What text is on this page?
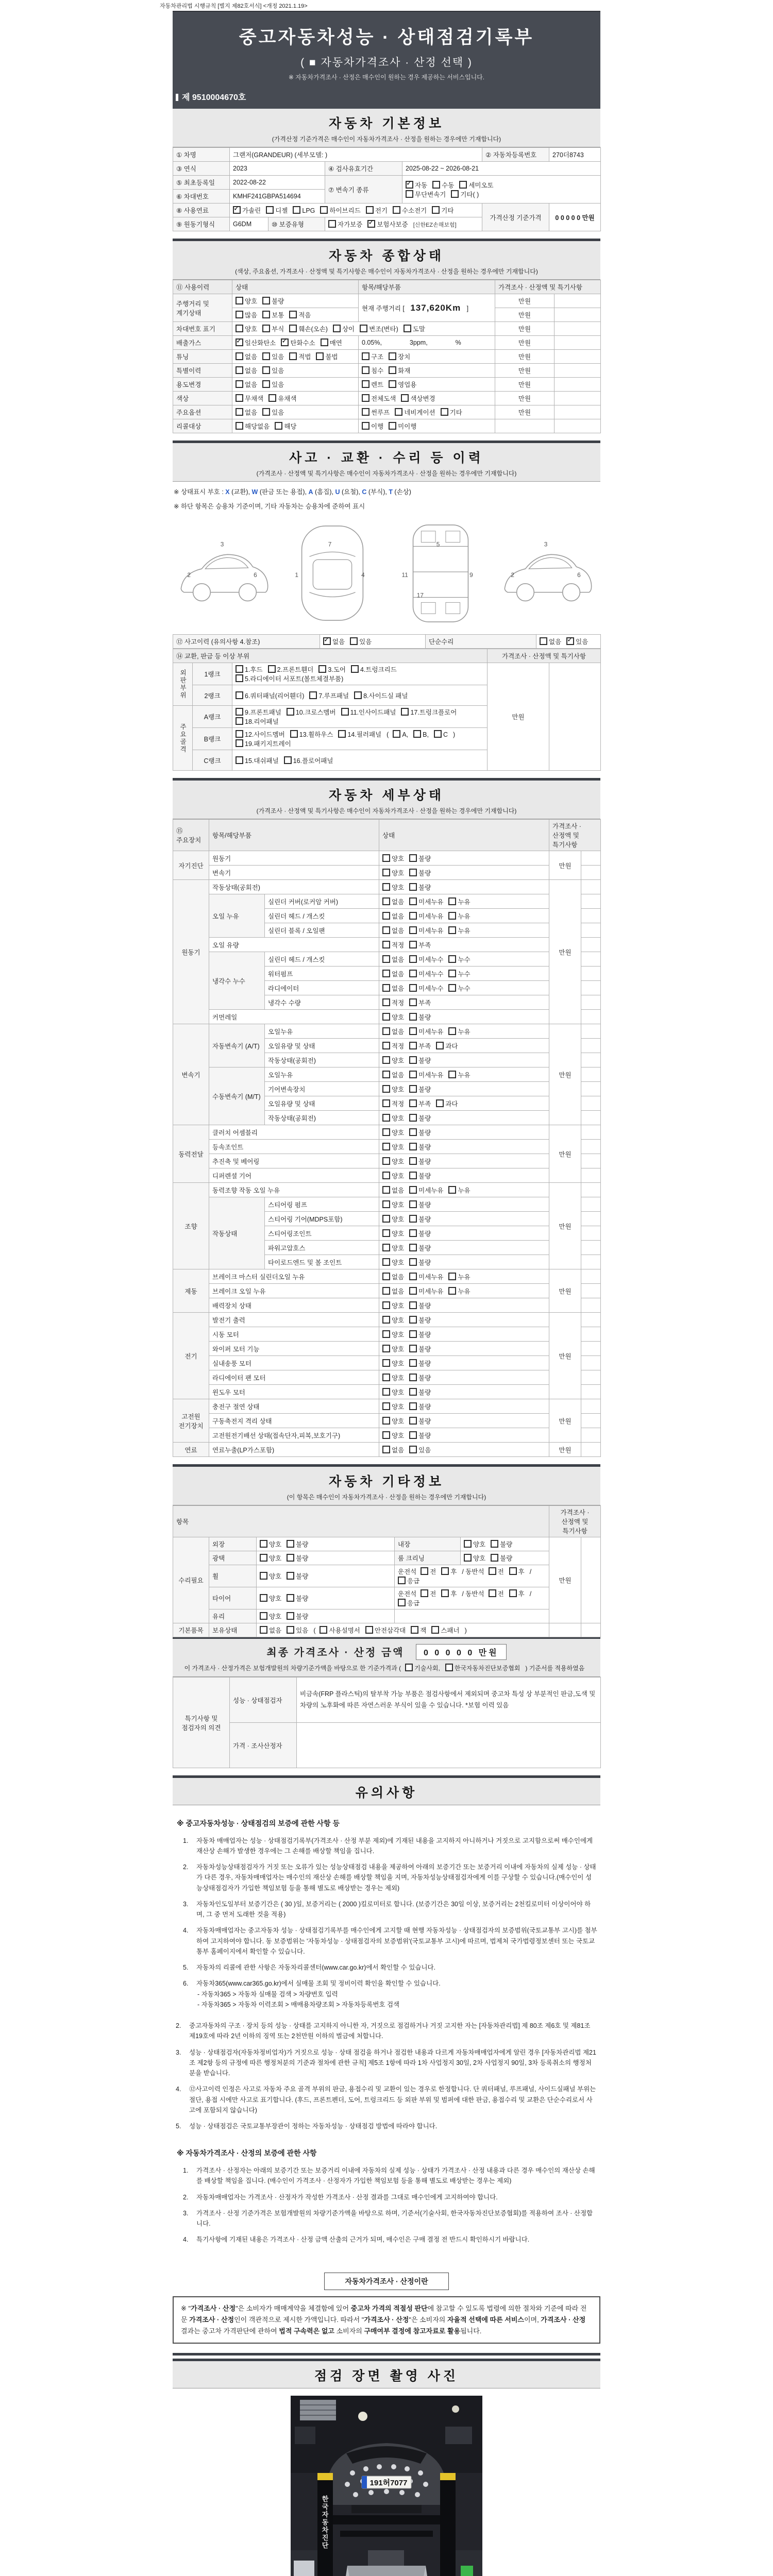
자동차관리법 시행규칙 [별지 제82호서식] <개정 2021.1.19>
중고자동차성능 · 상태점검기록부
( ■ 자동차가격조사 · 산정 선택 )
※ 자동차가격조사 · 산정은 매수인이 원하는 경우 제공하는 서비스입니다.
제 9510004670호
자동차 기본정보
(가격산정 기준가격은 매수인이 자동차가격조사 · 산정을 원하는 경우에만 기재합니다)
① 차명	그랜저(GRANDEUR) (세부모델: )				② 자동차등록번호	270더8743
③ 연식	2023		④ 검사유효기간	2025-08-22 ~ 2026-08-21		
⑤ 최초등록일	2022-08-22		⑦ 변속기 종류	✓자동 수동 세미오토
무단변속기 기타( )
⑥ 차대번호	KMHF241GBPA514694					
⑧ 사용연료	✓가솔린 디젤 LPG 하이브리드 전기 수소전기 기타				가격산정 기준가격	0 0 0 0 0 만원
⑨ 원동기형식	G6DM	⑩ 보증유형	자가보증 ✓ 보험사보증 [신한EZ손해보험]
자동차 종합상태
(색상, 주요옵션, 가격조사 · 산정액 및 특기사항은 매수인이 자동차가격조사 · 산정을 원하는 경우에만 기재합니다)
⑪ 사용이력	상태	항목/해당부품	가격조사 · 산정액 및 특기사항	
주행거리 및 계기상태	양호 불량	현재 주행거리 [ 137,620Km ]	만원	
	많음 보통 적음		만원	
차대번호 표기	양호 부식 훼손(오손) 상이 변조(변타) 도말		만원	
배출가스	✓일산화탄소 ✓ 탄화수소 매연	0.05%, 3ppm, %	만원	
튜닝	없음 있음 적법 불법	구조 장치	만원	
특별이력	없음 있음	침수 화재	만원	
용도변경	없음 있음	렌트 영업용	만원	
색상	무채색 유채색	전체도색 색상변경	만원	
주요옵션	없음 있음	썬루프 네비게이션 기타	만원	
리콜대상	해당없음 해당	이행 미이행		
사고 · 교환 · 수리 등 이력
(가격조사 · 산정액 및 특기사항은 매수인이 자동차가격조사 · 산정을 원하는 경우에만 기재합니다)
※ 상태표시 부호 : X (교환), W (판금 또는 용접), A (흠집), U (요철), C (부식), T (손상)
※ 하단 항목은 승용차 기준이며, 기타 자동차는 승용차에 준하여 표시
2
3
6	1
7
4	11
5
9
17
2
3
6
⑫ 사고이력 (유의사항 4.참조)	✓없음 있음	단순수리	없음 ✓ 있음
⑭ 교환, 판금 등 이상 부위			가격조사 · 산정액 및 특기사항	
외판부위	1랭크	1.후드 2.프론트휀더 3.도어 4.트렁크리드
5.라디에이터 서포트(볼트체결부품)	만원	
	2랭크	6.쿼터패널(리어휀더) 7.루프패널 8.사이드실 패널		
주요골격	A랭크	9.프론트패널 10.크로스멤버 11.인사이드패널 17.트렁크플로어
18.리어패널		
	B랭크	12.사이드멤버 13.휠하우스 14.필러패널 ( A, B, C )
19.패키지트레이		
	C랭크	15.대쉬패널 16.플로어패널		
자동차 세부상태
(가격조사 · 산정액 및 특기사항은 매수인이 자동차가격조사 · 산정을 원하는 경우에만 기재합니다)
⑮ 주요장치	항목/해당부품		상태	가격조사 · 산정액 및 특기사항	
자기진단	원동기		양호 불량	만원	
	변속기		양호 불량		
원동기	작동상태(공회전)		양호 불량	만원	
	오일 누유	실린더 커버(로커암 커버)	없음 미세누유 누유		
		실린더 헤드 / 개스킷	없음 미세누유 누유		
		실린더 블록 / 오일팬	없음 미세누유 누유		
	오일 유량		적정 부족		
	냉각수 누수	실린더 헤드 / 개스킷	없음 미세누수 누수		
		워터펌프	없음 미세누수 누수		
		라디에이터	없음 미세누수 누수		
		냉각수 수량	적정 부족		
	커먼레일		양호 불량		
변속기	자동변속기 (A/T)	오일누유	없음 미세누유 누유	만원	
		오일유량 및 상태	적정 부족 과다		
		작동상태(공회전)	양호 불량		
	수동변속기 (M/T)	오일누유	없음 미세누유 누유		
		기어변속장치	양호 불량		
		오일유량 및 상태	적정 부족 과다		
		작동상태(공회전)	양호 불량		
동력전달	클러치 어셈블리		양호 불량	만원	
	등속조인트		양호 불량		
	추진축 및 베어링		양호 불량		
	디퍼렌셜 기어		양호 불량		
조향	동력조향 작동 오일 누유		없음 미세누유 누유	만원	
	작동상태	스티어링 펌프	양호 불량		
		스티어링 기어(MDPS포함)	양호 불량		
		스티어링조인트	양호 불량		
		파워고압호스	양호 불량		
		타이로드엔드 및 볼 조인트	양호 불량		
제동	브레이크 마스터 실린더오일 누유		없음 미세누유 누유	만원	
	브레이크 오일 누유		없음 미세누유 누유		
	배력장치 상태		양호 불량		
전기	발전기 출력		양호 불량	만원	
	시동 모터		양호 불량		
	와이퍼 모터 기능		양호 불량		
	실내송풍 모터		양호 불량		
	라디에이터 팬 모터		양호 불량		
	윈도우 모터		양호 불량		
고전원 전기장치	충전구 절연 상태		양호 불량	만원	
	구동축전지 격리 상태		양호 불량		
	고전원전기배선 상태(접속단자,피복,보호기구)		양호 불량		
연료	연료누출(LP가스포함)		없음 있음	만원	
자동차 기타정보
(이 항목은 매수인이 자동차가격조사 · 산정을 원하는 경우에만 기재합니다)
항목					가격조사 · 산정액 및 특기사항	
수리필요	외장	양호 불량	내장	양호 불량	만원	
	광택	양호 불량	룸 크리닝	양호 불량		
	휠	양호 불량	운전석 전 후 / 동반석 전 후 /응급			
	타이어	양호 불량	운전석 전 후 / 동반석 전 후 /응급			
	유리	양호 불량				
기본품목	보유상태	없음 있음 ( 사용설명서 안전삼각대 잭 스패너 )				
최종 가격조사 · 산정 금액 0 0 0 0 0 만원
이 가격조사 · 산정가격은 보험개발원의 차량기준가액을 바탕으로 한 기준가격과 ( 기술사회, 한국자동차진단보증협회 ) 기준서를 적용하였음
특기사항 및 점검자의 의견	성능 · 상태점검자	비금속(FRP 플라스틱)의 탈부착 가능 부품은 점검사항에서 제외되며 중고차 특성 상 부분적인 판금,도색 및 차량의 노후화에 따른 자연스러운 부식이 있을 수 있습니다. *보험 이력 있음
	가격 · 조사산정자	
유의사항
※ 중고자동차성능 · 상태점검의 보증에 관한 사항 등
1.	자동차 매매업자는 성능 · 상태점검기록부(가격조사 · 산정 부분 제외)에 기재된 내용을 고지하지 아니하거나 거짓으로 고지함으로써 매수인에게 재산상 손해가 발생한 경우에는 그 손해를 배상할 책임을 집니다.
2.	자동차성능상태점검자가 거짓 또는 오류가 있는 성능상태점검 내용을 제공하여 아래의 보증기간 또는 보증거리 이내에 자동차의 실제 성능 · 상태가 다른 경우, 자동차매매업자는 매수인의 재산상 손해를 배상할 책임을 지며, 자동차성능상태점검자에게 이를 구상할 수 있습니다.(매수인이 성능상태점검자가 가입한 책임보험 등을 통해 별도로 배상받는 경우는 제외)
3.	자동차인도일부터 보증기간은 ( 30 )일, 보증거리는 ( 2000 )킬로미터로 합니다. (보증기간은 30일 이상, 보증거리는 2천킬로미터 이상이어야 하며, 그 중 먼저 도래한 것을 적용)
4.	자동차매매업자는 중고자동차 성능 · 상태점검기록부를 매수인에게 고지할 때 현행 자동차성능 · 상태점검자의 보증범위(국토교통부 고시)를 첨부하여 고지하여야 합니다. 동 보증범위는 '자동차성능 · 상태점검자의 보증범위'(국토교통부 고시)에 따르며, 법제처 국가법령정보센터 또는 국토교통부 홈페이지에서 확인할 수 있습니다.
5.	자동차의 리콜에 관한 사항은 자동차리콜센터(www.car.go.kr)에서 확인할 수 있습니다.
6.	자동차365(www.car365.go.kr)에서 실매물 조회 및 정비이력 확인을 확인할 수 있습니다.
- 자동차365 > 자동차 실매물 검색 > 차량번호 입력
- 자동차365 > 자동차 이력조회 > 매매용차량조회 > 자동차등록번호 검색
2.	중고자동차의 구조 · 장치 등의 성능 · 상태를 고지하지 아니한 자, 거짓으로 점검하거나 거짓 고지한 자는 [자동차관리법] 제 80조 제6호 및 제81조 제19호에 따라 2년 이하의 징역 또는 2천만원 이하의 벌금에 처합니다.
3.	성능 · 상태점검자(자동차정비업자)가 거짓으로 성능 · 상태 점검을 하거나 점검한 내용과 다르게 자동차매매업자에게 알린 경우 [자동차관리법 제21조 제2항 등의 규정에 따른 행정처분의 기준과 절차에 관한 규칙] 제5조 1항에 따라 1차 사업정지 30일, 2차 사업정지 90일, 3차 등록취소의 행정처분을 받습니다.
4.	⑫사고이력 인정은 사고로 자동차 주요 골격 부위의 판금, 용접수리 및 교환이 있는 경우로 한정합니다. 단 쿼터패널, 루프패널, 사이드실패널 부위는 절단, 용접 시에만 사고로 표기합니다. (후드, 프론트펜더, 도어, 트렁크리드 등 외판 부위 및 범퍼에 대한 판금, 용접수리 및 교환은 단순수리로서 사고에 포함되지 않습니다)
5.	성능 · 상태점검은 국토교통부장관이 정하는 자동차성능 · 상태점검 방법에 따라야 합니다.
※ 자동차가격조사 · 산정의 보증에 관한 사항
1.	가격조사 · 산정자는 아래의 보증기간 또는 보증거리 이내에 자동차의 실제 성능 · 상태가 가격조사 · 산정 내용과 다른 경우 매수인의 재산상 손해를 배상할 책임을 집니다. (매수인이 가격조사 · 산정자가 가입한 책임보험 등을 통해 별도로 배상받는 경우는 제외)
2.	자동차매매업자는 가격조사 · 산정자가 작성한 가격조사 · 산정 결과를 그대로 매수인에게 고지하여야 합니다.
3.	가격조사 · 산정 기준가격은 보험개발원의 차량기준가액을 바탕으로 하며, 기준서(기술사회, 한국자동차진단보증협회)를 적용하여 조사 · 산정합니다.
4.	특기사항에 기재된 내용은 가격조사 · 산정 금액 산출의 근거가 되며, 매수인은 구매 결정 전 반드시 확인하시기 바랍니다.
자동차가격조사 · 산정이란
※ "가격조사 · 산정"은 소비자가 매매계약을 체결함에 있어 중고차 가격의 적절성 판단에 참고할 수 있도록 법령에 의한 절차와 기준에 따라 전문 가격조사 · 산정인이 객관적으로 제시한 가액입니다. 따라서 "가격조사 · 산정"은 소비자의 자율적 선택에 따른 서비스이며, 가격조사 · 산정 결과는 중고차 가격판단에 관하여 법적 구속력은 없고 소비자의 구매여부 결정에 참고자료로 활용됩니다.
점검 장면 촬영 사진
191허7077
한 국 자 동 차 진 단
